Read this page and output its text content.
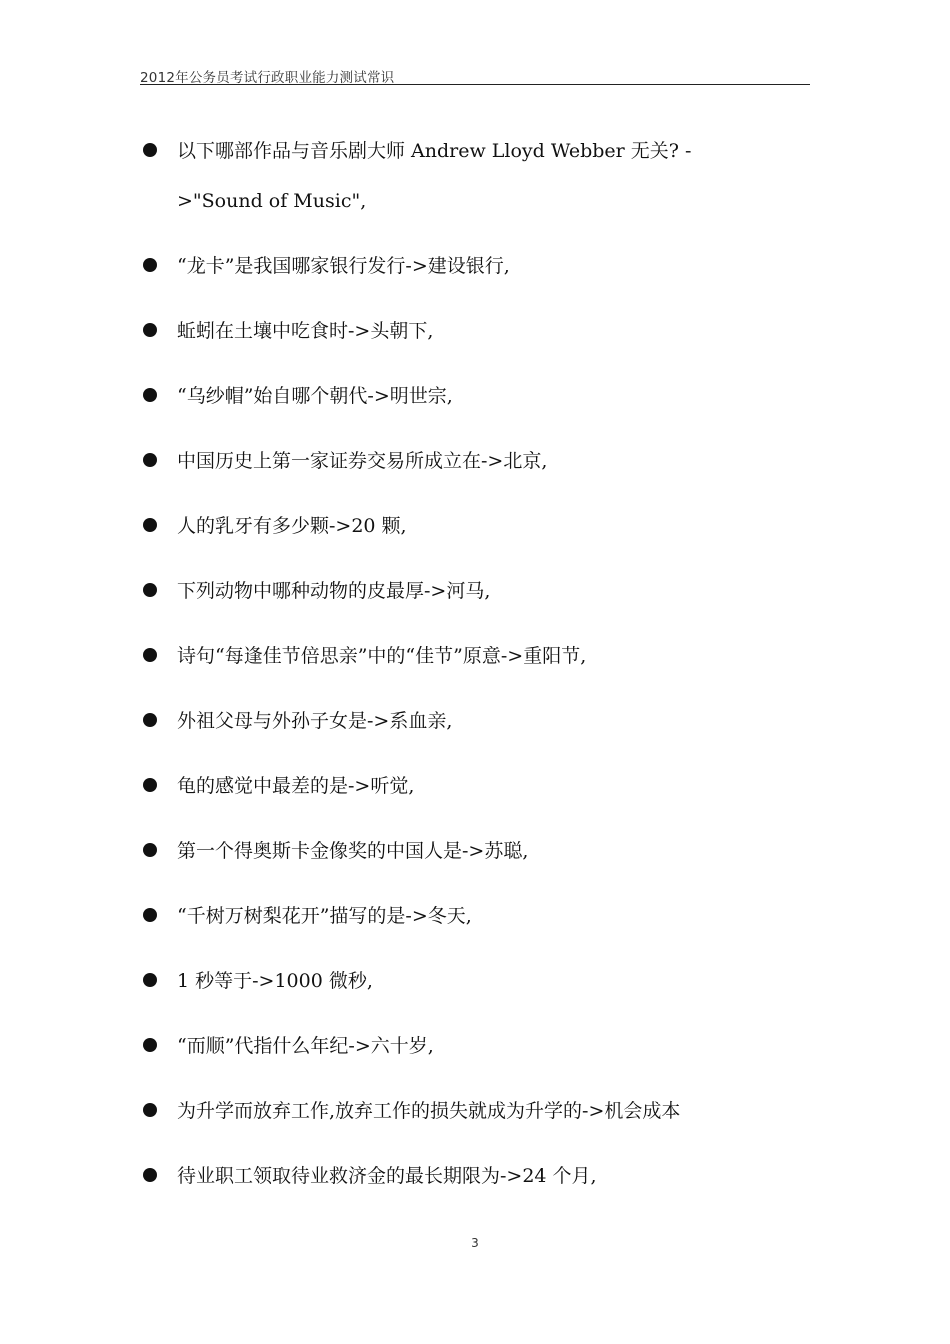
2012年公务员考试行政职业能力测试常识
以下哪部作品与音乐剧大师 Andrew Lloyd Webber 无关? ->"Sound of Music",
“龙卡”是我国哪家银行发行->建设银行,
蚯蚓在土壤中吃食时->头朝下,
“乌纱帽”始自哪个朝代->明世宗,
中国历史上第一家证券交易所成立在->北京,
人的乳牙有多少颗->20 颗,
下列动物中哪种动物的皮最厚->河马,
诗句“每逢佳节倍思亲”中的“佳节”原意->重阳节,
外祖父母与外孙子女是->系血亲,
龟的感觉中最差的是->听觉,
第一个得奥斯卡金像奖的中国人是->苏聪,
“千树万树梨花开”描写的是->冬天,
1 秒等于->1000 微秒,
“而顺”代指什么年纪->六十岁,
为升学而放弃工作,放弃工作的损失就成为升学的->机会成本
待业职工领取待业救济金的最长期限为->24 个月,
3
